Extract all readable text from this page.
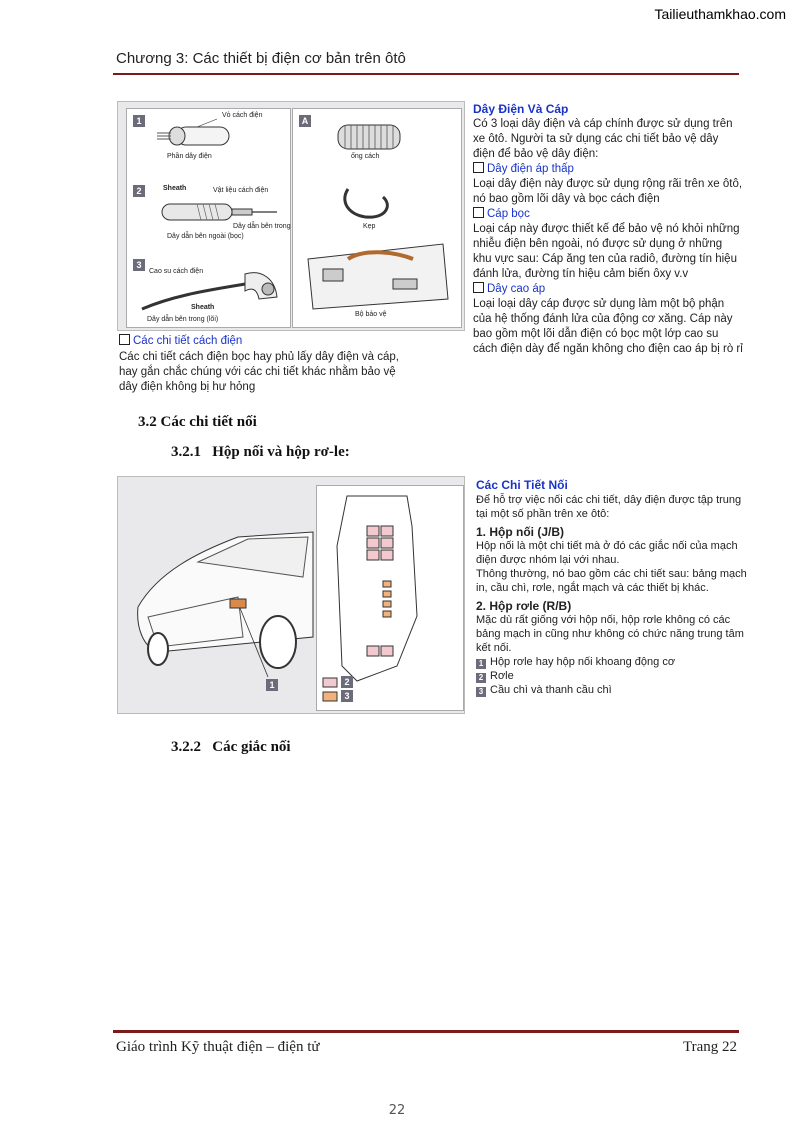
Tailieuthamkhao.com
Chương 3: Các thiết bị điện cơ bản trên ôtô
1
2
3
Vỏ cách điện
Phần dây điện
Sheath	Vật liệu cách điện
Dây dẫn bên trong
Dây dẫn bên ngoài (bọc)
Cao su cách điện
Sheath
Dây dẫn bên trong (lõi)
A
ống cách
Kẹp
Bộ bảo vệ
Các chi tiết cách điện
Các chi tiết cách điện bọc hay phủ lấy dây điện và cáp, hay gắn chắc chúng với các chi tiết khác nhằm bảo vệ dây điện không bị hư hỏng
Dây Điện Và Cáp
Có 3 loại dây điện và cáp chính được sử dụng trên xe ôtô. Người ta sử dụng các chi tiết bảo vệ dây điện để bảo vệ dây điện:
Dây điện áp thấp
Loại dây điện này được sử dụng rộng rãi trên xe ôtô, nó bao gồm lõi dây và bọc cách điện
Cáp bọc
Loại cáp này được thiết kế để bảo vệ nó khỏi những nhiễu điện bên ngoài, nó được sử dụng ở những khu vực sau: Cáp ăng ten của radiô, đường tín hiệu đánh lửa, đường tín hiệu cảm biến ôxy v.v
Dây cao áp
Loại loại dây cáp được sử dụng làm một bộ phận của hệ thống đánh lửa của động cơ xăng. Cáp này bao gồm một lõi dẫn điện có bọc một lớp cao su cách điện dày để ngăn không cho điện cao áp bị rò rỉ
3.2 Các chi tiết nối
3.2.1   Hộp nối và hộp rơ-le:
1	2
3
Các Chi Tiết Nối
Để hỗ trợ việc nối các chi tiết, dây điện được tập trung tại một số phần trên xe ôtô:
1. Hộp nối (J/B)
Hộp nối là một chi tiết mà ở đó các giắc nối của mạch điện được nhóm lại với nhau.
Thông thường, nó bao gồm các chi tiết sau: bảng mạch in, cầu chì, rơle, ngắt mạch và các thiết bị khác.
2. Hộp rơle (R/B)
Mặc dù rất giống với hộp nối, hộp rơle không có các bảng mạch in cũng như không có chức năng trung tâm kết nối.
1 Hộp rơle hay hộp nối khoang động cơ
2 Rơle
3 Cầu chì và thanh cầu chì
3.2.2   Các giắc nối
Giáo trình Kỹ thuật điện – điện tử	Trang 22
22
